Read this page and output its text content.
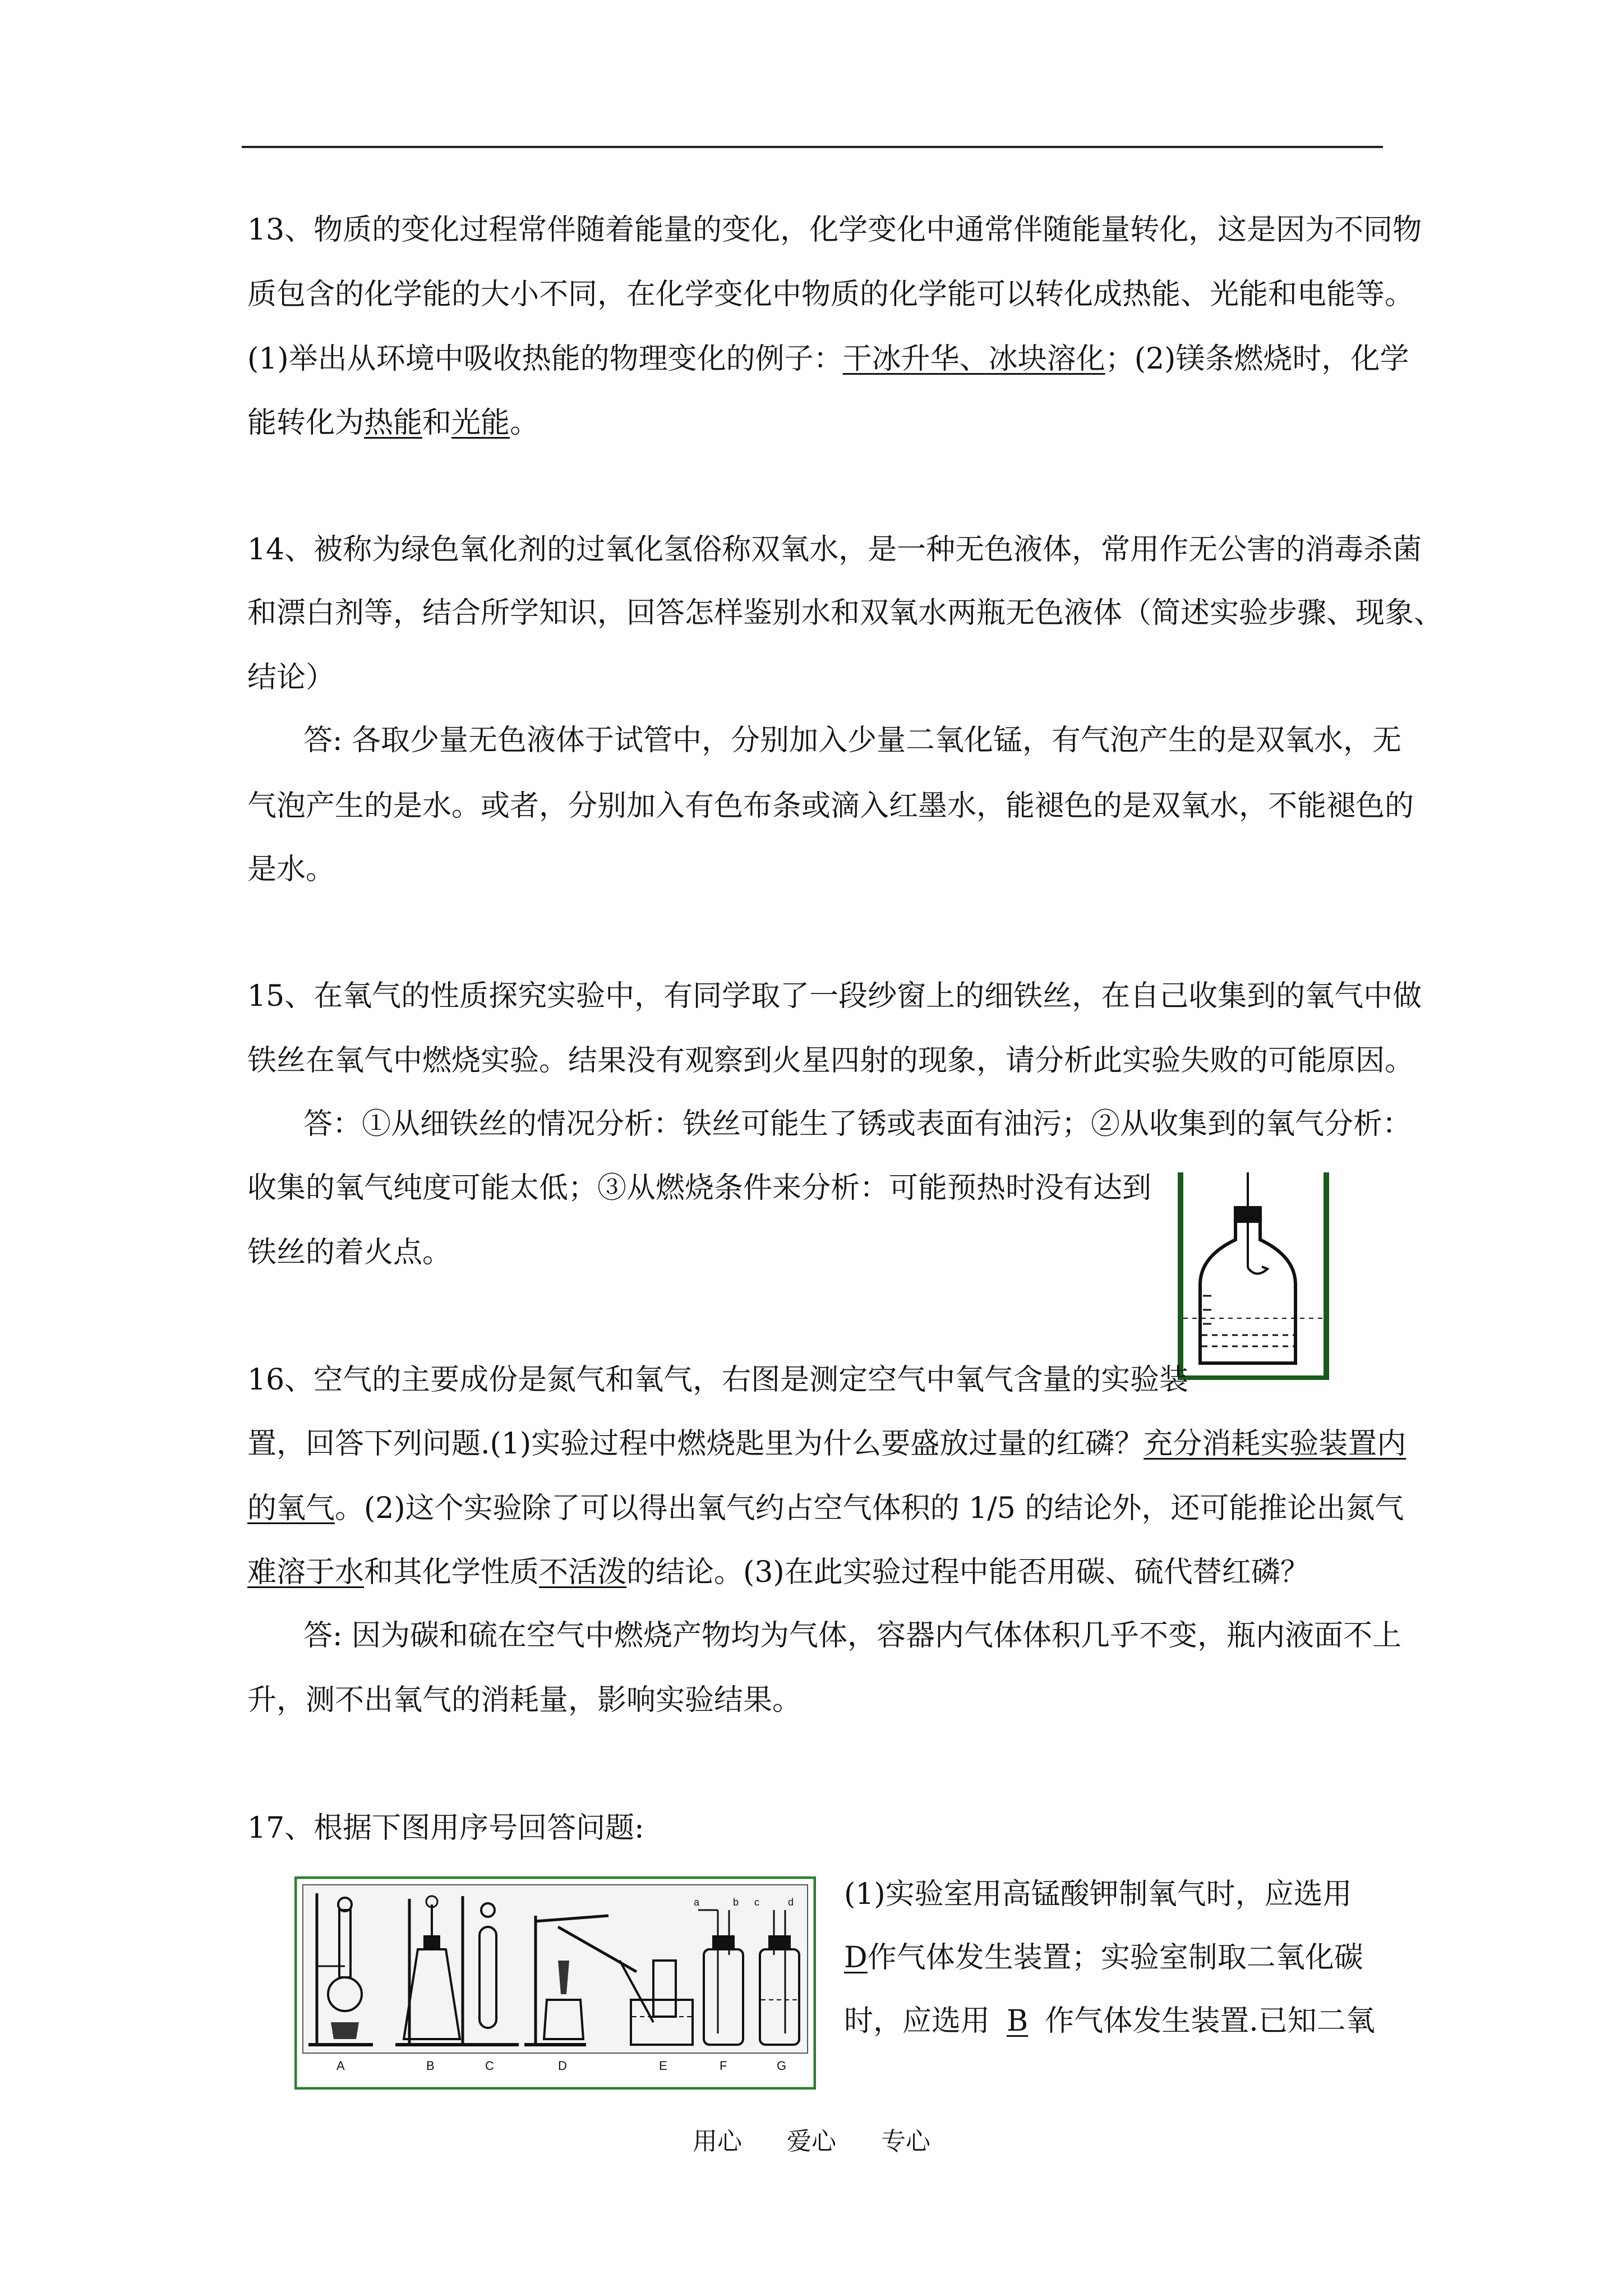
13、物质的变化过程常伴随着能量的变化，化学变化中通常伴随能量转化，这是因为不同物
质包含的化学能的大小不同，在化学变化中物质的化学能可以转化成热能、光能和电能等。
(1)举出从环境中吸收热能的物理变化的例子：干冰升华、冰块溶化；(2)镁条燃烧时，化学
能转化为热能和光能。
14、被称为绿色氧化剂的过氧化氢俗称双氧水，是一种无色液体，常用作无公害的消毒杀菌
和漂白剂等，结合所学知识，回答怎样鉴别水和双氧水两瓶无色液体（简述实验步骤、现象、
结论）
答: 各取少量无色液体于试管中，分别加入少量二氧化锰，有气泡产生的是双氧水，无
气泡产生的是水。或者，分别加入有色布条或滴入红墨水，能褪色的是双氧水，不能褪色的
是水。
15、在氧气的性质探究实验中，有同学取了一段纱窗上的细铁丝，在自己收集到的氧气中做
铁丝在氧气中燃烧实验。结果没有观察到火星四射的现象，请分析此实验失败的可能原因。
答：①从细铁丝的情况分析：铁丝可能生了锈或表面有油污；②从收集到的氧气分析：
收集的氧气纯度可能太低；③从燃烧条件来分析：可能预热时没有达到
铁丝的着火点。
16、空气的主要成份是氮气和氧气，右图是测定空气中氧气含量的实验装
置，回答下列问题.(1)实验过程中燃烧匙里为什么要盛放过量的红磷？充分消耗实验装置内
的氧气。(2)这个实验除了可以得出氧气约占空气体积的 1/5 的结论外，还可能推论出氮气
难溶于水和其化学性质不活泼的结论。(3)在此实验过程中能否用碳、硫代替红磷？
答: 因为碳和硫在空气中燃烧产物均为气体，容器内气体体积几乎不变，瓶内液面不上
升，测不出氧气的消耗量，影响实验结果。
17、根据下图用序号回答问题:
A	B	C	D	E	F	G
a	b c	d (1)实验室用高锰酸钾制氧气时，应选用
D作气体发生装置；实验室制取二氧化碳
时，应选用 B 作气体发生装置.已知二氧
用心 爱心 专心
